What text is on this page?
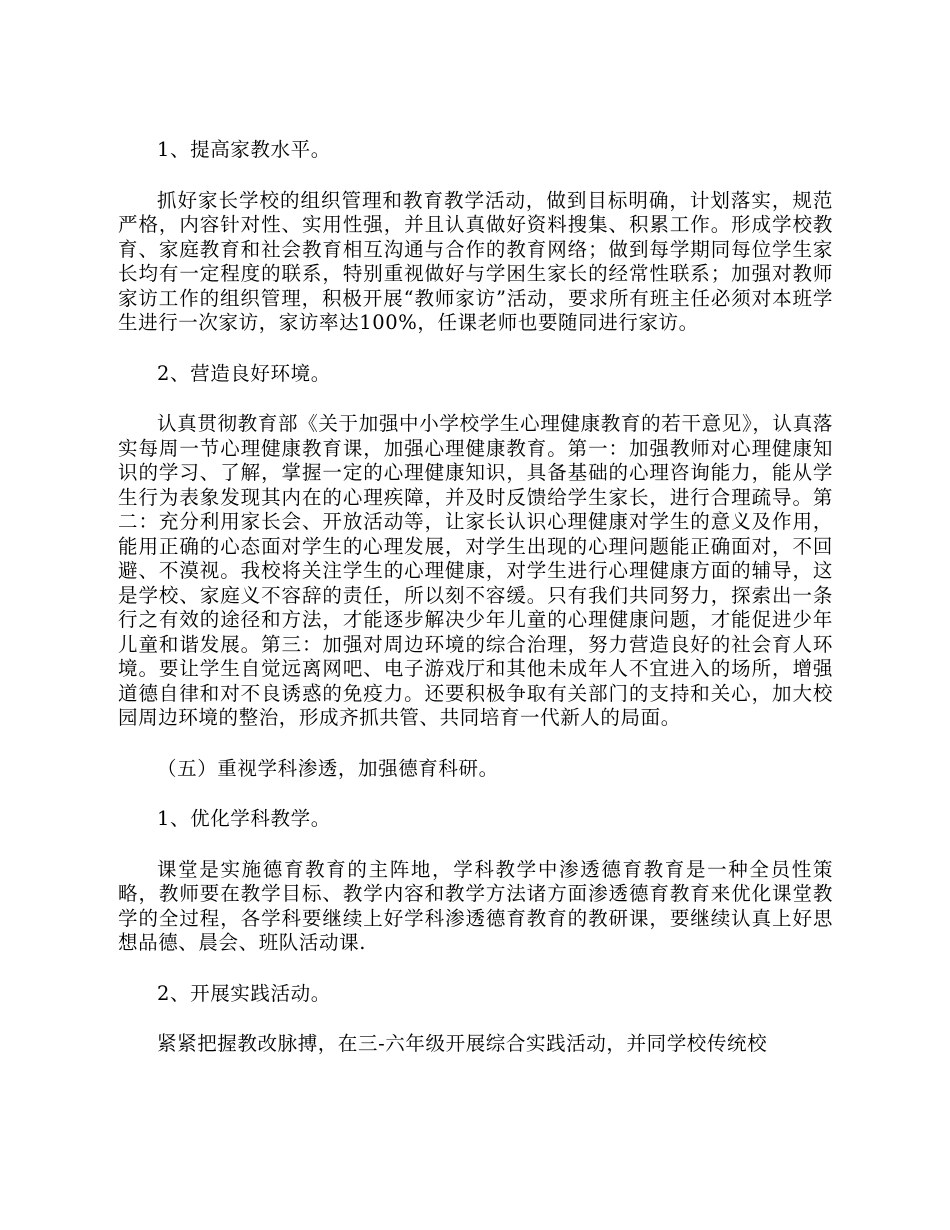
1、提高家教水平。

抓好家长学校的组织管理和教育教学活动，做到目标明确，计划落实，规范严格，内容针对性、实用性强，并且认真做好资料搜集、积累工作。形成学校教育、家庭教育和社会教育相互沟通与合作的教育网络；做到每学期同每位学生家长均有一定程度的联系，特别重视做好与学困生家长的经常性联系；加强对教师家访工作的组织管理，积极开展“教师家访”活动，要求所有班主任必须对本班学生进行一次家访，家访率达100%，任课老师也要随同进行家访。

2、营造良好环境。

认真贯彻教育部《关于加强中小学校学生心理健康教育的若干意见》，认真落实每周一节心理健康教育课，加强心理健康教育。第一：加强教师对心理健康知识的学习、了解，掌握一定的心理健康知识，具备基础的心理咨询能力，能从学生行为表象发现其内在的心理疾障，并及时反馈给学生家长，进行合理疏导。第二：充分利用家长会、开放活动等，让家长认识心理健康对学生的意义及作用，能用正确的心态面对学生的心理发展，对学生出现的心理问题能正确面对，不回避、不漠视。我校将关注学生的心理健康，对学生进行心理健康方面的辅导，这是学校、家庭义不容辞的责任，所以刻不容缓。只有我们共同努力，探索出一条行之有效的途径和方法，才能逐步解决少年儿童的心理健康问题，才能促进少年儿童和谐发展。第三：加强对周边环境的综合治理，努力营造良好的社会育人环境。要让学生自觉远离网吧、电子游戏厅和其他未成年人不宜进入的场所，增强道德自律和对不良诱惑的免疫力。还要积极争取有关部门的支持和关心，加大校园周边环境的整治，形成齐抓共管、共同培育一代新人的局面。

（五）重视学科渗透，加强德育科研。

1、优化学科教学。

课堂是实施德育教育的主阵地，学科教学中渗透德育教育是一种全员性策略，教师要在教学目标、教学内容和教学方法诸方面渗透德育教育来优化课堂教学的全过程，各学科要继续上好学科渗透德育教育的教研课，要继续认真上好思想品德、晨会、班队活动课.

2、开展实践活动。

紧紧把握教改脉搏，在三-六年级开展综合实践活动，并同学校传统校
